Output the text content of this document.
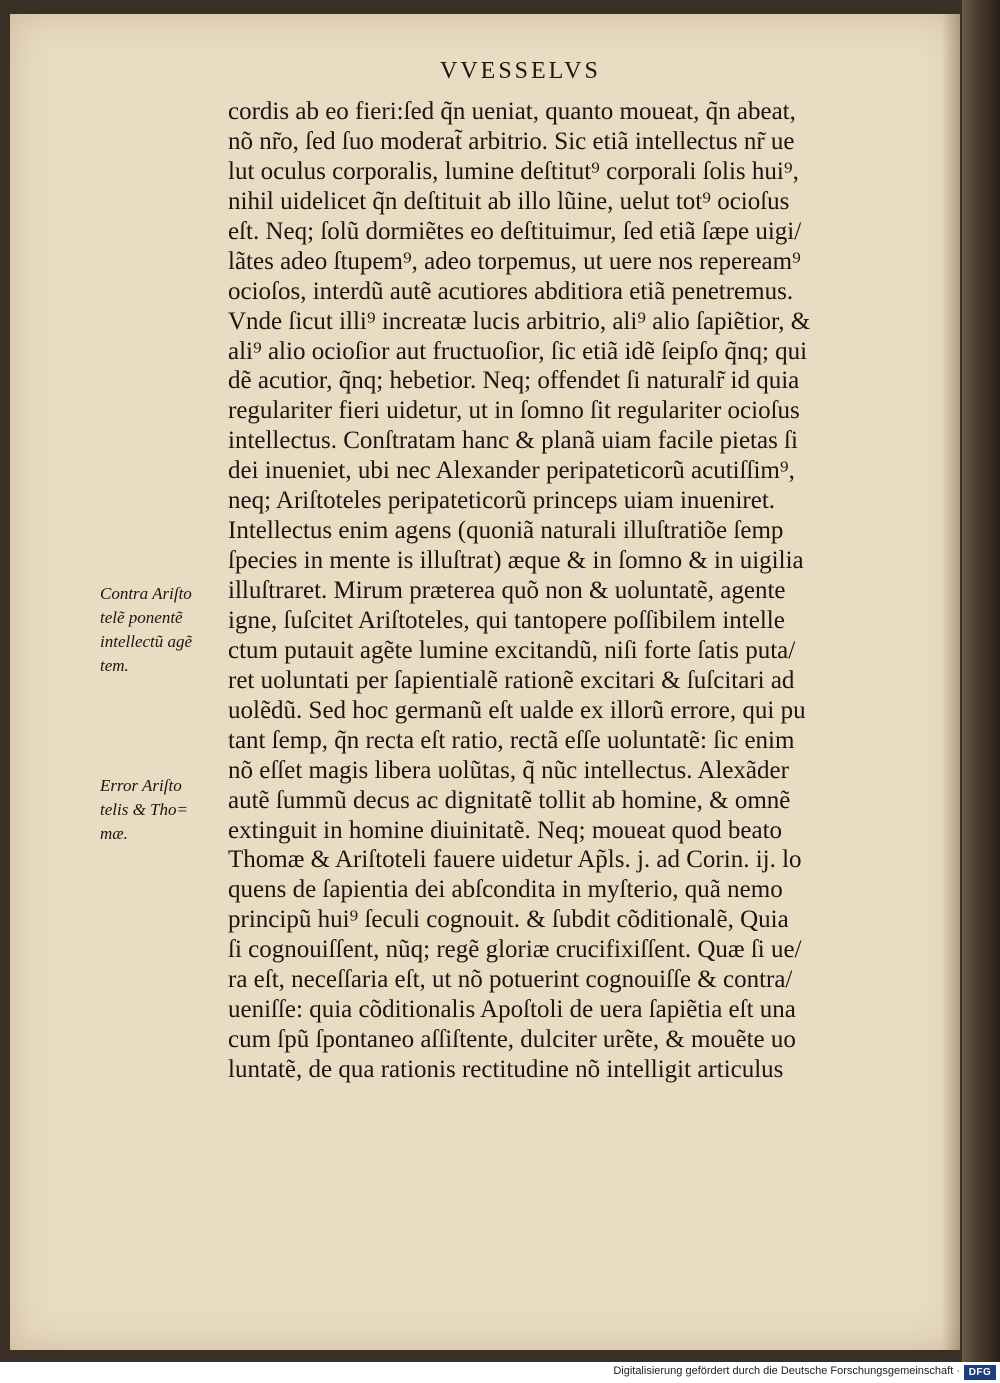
VVESSELVS
cordis ab eo fieri:ſed q̃n ueniat, quanto moueat, q̃n abeat,
nõ nr̃o, ſed ſuo moderat̃ arbitrio. Sic etiã intellectus nr̃ ue
lut oculus corporalis, lumine deſtitut⁹ corporali ſolis hui⁹,
nihil uidelicet q̃n deſtituit ab illo lũine, uelut tot⁹ ocioſus
eſt. Neq; ſolũ dormiẽtes eo deſtituimur, ſed etiã ſæpe uigi/
lãtes adeo ſtupem⁹, adeo torpemus, ut uere nos repeream⁹
ocioſos, interdũ autẽ acutiores abditiora etiã penetremus.
Vnde ſicut illi⁹ increatæ lucis arbitrio, ali⁹ alio ſapiẽtior, &
ali⁹ alio ocioſior aut fructuoſior, ſic etiã idẽ ſeipſo q̃nq; qui
dẽ acutior, q̃nq; hebetior. Neq; offendet ſi naturalr̃ id quia
regulariter fieri uidetur, ut in ſomno ſit regulariter ocioſus
intellectus. Conſtratam hanc & planã uiam facile pietas ſi
dei inueniet, ubi nec Alexander peripateticorũ acutiſſim⁹,
neq; Ariſtoteles peripateticorũ princeps uiam inueniret.
Intellectus enim agens (quoniã naturali illuſtratiõe ſemp
ſpecies in mente is illuſtrat) æque & in ſomno & in uigilia
illuſtraret. Mirum præterea quõ non & uoluntatẽ, agente
igne, ſuſcitet Ariſtoteles, qui tantopere poſſibilem intelle
ctum putauit agẽte lumine excitandũ, niſi forte ſatis puta/
ret uoluntati per ſapientialẽ rationẽ excitari & ſuſcitari ad
uolẽdũ. Sed hoc germanũ eſt ualde ex illorũ errore, qui pu
tant ſemp, q̃n recta eſt ratio, rectã eſſe uoluntatẽ: ſic enim
nõ eſſet magis libera uolũtas, q̃ nũc intellectus. Alexãder
autẽ ſummũ decus ac dignitatẽ tollit ab homine, & omnẽ
extinguit in homine diuinitatẽ. Neq; moueat quod beato
Thomæ & Ariſtoteli fauere uidetur Ap̃ls. j. ad Corin. ij. lo
quens de ſapientia dei abſcondita in myſterio, quã nemo
principũ hui⁹ ſeculi cognouit. & ſubdit cõditionalẽ, Quia
ſi cognouiſſent, nũq; regẽ gloriæ crucifixiſſent. Quæ ſi ue/
ra eſt, neceſſaria eſt, ut nõ potuerint cognouiſſe & contra/
ueniſſe: quia cõditionalis Apoſtoli de uera ſapiẽtia eſt una
cum ſpũ ſpontaneo aſſiſtente, dulciter urẽte, & mouẽte uo
luntatẽ, de qua rationis rectitudine nõ intelligit articulus
Contra Ariſto
telẽ ponentẽ
intellectũ agẽ
tem.
Error Ariſto
telis & Tho=
mæ.
Digitalisierung gefördert durch die Deutsche Forschungsgemeinschaft · DFG
